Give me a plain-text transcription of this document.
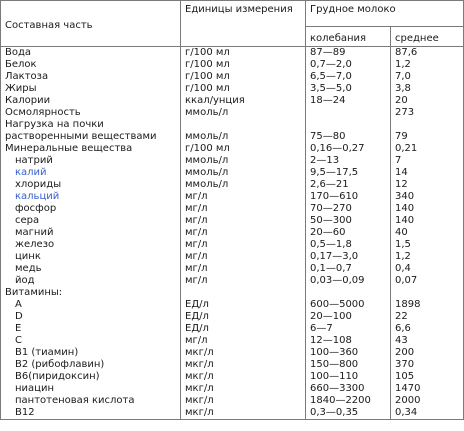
Составная часть	Единицы измерения	Грудное молоко	
		колебания	среднее
Вода	г/100 мл	87—89	87,6
Белок	г/100 мл	0,7—2,0	1,2
Лактоза	г/100 мл	6,5—7,0	7,0
Жиры	г/100 мл	3,5—5,0	3,8
Калории	ккал/унция	18—24	20
Осмолярность	ммоль/л		273
Нагрузка на почки			
растворенными веществами	ммоль/л	75—80	79
Минеральные вещества	г/100 мл	0,16—0,27	0,21
натрий	ммоль/л	2—13	7
калий	ммоль/л	9,5—17,5	14
хлориды	ммоль/л	2,6—21	12
кальций	мг/л	170—610	340
фосфор	мг/л	70—270	140
сера	мг/л	50—300	140
магний	мг/л	20—60	40
железо	мг/л	0,5—1,8	1,5
цинк	мг/л	0,17—3,0	1,2
медь	мг/л	0,1—0,7	0,4
йод	мг/л	0,03—0,09	0,07
Витамины:			
А	ЕД/л	600—5000	1898
D	ЕД/л	20—100	22
Е	ЕД/л	6—7	6,6
С	мг/л	12—108	43
В1 (тиамин)	мкг/л	100—360	200
В2 (рибофлавин)	мкг/л	150—800	370
В6(пиридоксин)	мкг/л	100—110	105
ниацин	мкг/л	660—3300	1470
пантотеновая кислота	мкг/л	1840—2200	2000
В12	мкг/л	0,3—0,35	0,34
